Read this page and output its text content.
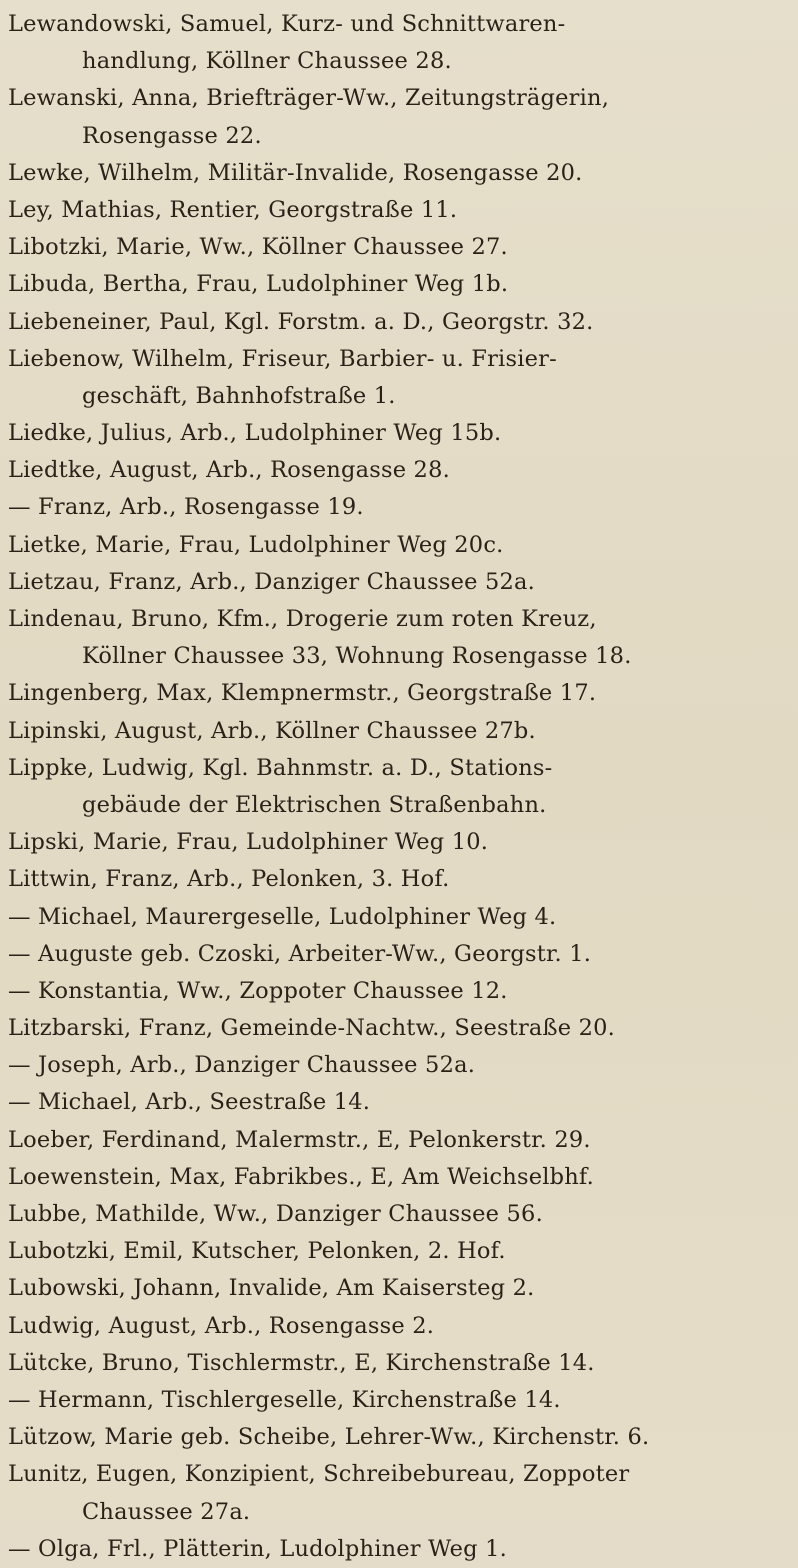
Lewandowski, Samuel, Kurz- und Schnittwaren-
handlung, Köllner Chaussee 28.
Lewanski, Anna, Briefträger-Ww., Zeitungsträgerin,
Rosengasse 22.
Lewke, Wilhelm, Militär-Invalide, Rosengasse 20.
Ley, Mathias, Rentier, Georgstraße 11.
Libotzki, Marie, Ww., Köllner Chaussee 27.
Libuda, Bertha, Frau, Ludolphiner Weg 1b.
Liebeneiner, Paul, Kgl. Forstm. a. D., Georgstr. 32.
Liebenow, Wilhelm, Friseur, Barbier- u. Frisier-
geschäft, Bahnhofstraße 1.
Liedke, Julius, Arb., Ludolphiner Weg 15b.
Liedtke, August, Arb., Rosengasse 28.
— Franz, Arb., Rosengasse 19.
Lietke, Marie, Frau, Ludolphiner Weg 20c.
Lietzau, Franz, Arb., Danziger Chaussee 52a.
Lindenau, Bruno, Kfm., Drogerie zum roten Kreuz,
Köllner Chaussee 33, Wohnung Rosengasse 18.
Lingenberg, Max, Klempnermstr., Georgstraße 17.
Lipinski, August, Arb., Köllner Chaussee 27b.
Lippke, Ludwig, Kgl. Bahnmstr. a. D., Stations-
gebäude der Elektrischen Straßenbahn.
Lipski, Marie, Frau, Ludolphiner Weg 10.
Littwin, Franz, Arb., Pelonken, 3. Hof.
— Michael, Maurergeselle, Ludolphiner Weg 4.
— Auguste geb. Czoski, Arbeiter-Ww., Georgstr. 1.
— Konstantia, Ww., Zoppoter Chaussee 12.
Litzbarski, Franz, Gemeinde-Nachtw., Seestraße 20.
— Joseph, Arb., Danziger Chaussee 52a.
— Michael, Arb., Seestraße 14.
Loeber, Ferdinand, Malermstr., E, Pelonkerstr. 29.
Loewenstein, Max, Fabrikbes., E, Am Weichselbhf.
Lubbe, Mathilde, Ww., Danziger Chaussee 56.
Lubotzki, Emil, Kutscher, Pelonken, 2. Hof.
Lubowski, Johann, Invalide, Am Kaisersteg 2.
Ludwig, August, Arb., Rosengasse 2.
Lütcke, Bruno, Tischlermstr., E, Kirchenstraße 14.
— Hermann, Tischlergeselle, Kirchenstraße 14.
Lützow, Marie geb. Scheibe, Lehrer-Ww., Kirchenstr. 6.
Lunitz, Eugen, Konzipient, Schreibebureau, Zoppoter
Chaussee 27a.
— Olga, Frl., Plätterin, Ludolphiner Weg 1.
